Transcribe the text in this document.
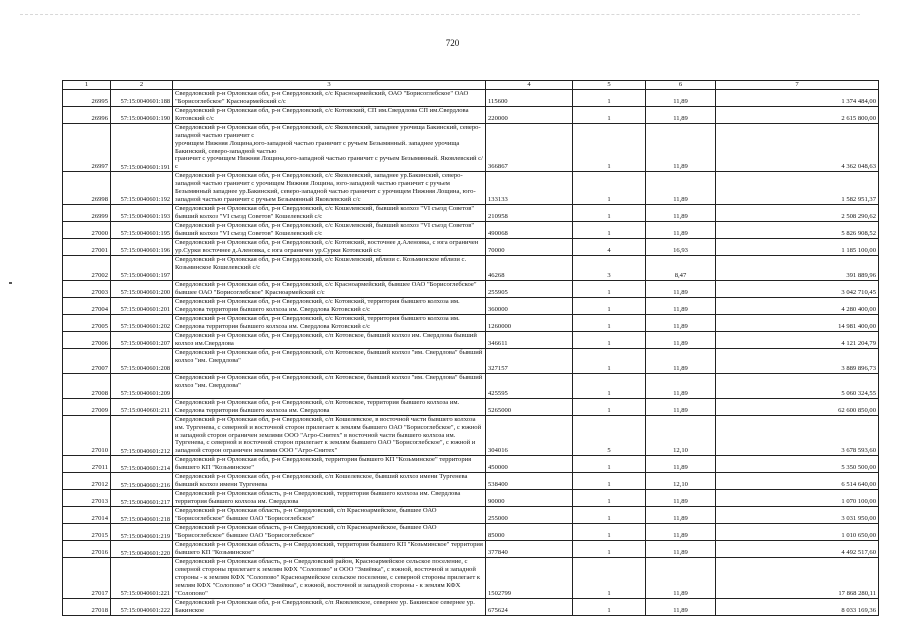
720
1	2	3	4	5	6	7
26995	57:15:0040601:188	Свердловский р-н Орловская обл, р-н Свердловский, с/с Красноармейский, ОАО "Борисоглебское" ОАО "Борисоглебское" Красноармейский с/с	115600	1	11,89	1 374 484,00
26996	57:15:0040601:190	Свердловский р-н Орловская обл, р-н Свердловский, с/с Котовский, СП им.Свердлова СП им.Свердлова Котовский с/с	220000	1	11,89	2 615 800,00
26997	57:15:0040601:191	Свердловский р-н Орловская обл, р-н Свердловский, с/с Яковлевский, западнее урочища Бакинский, северо-западной частью граничит с
урочищем Нижняя Лощина,юго-западной частью граничит с ручьем Безымянный. западнее урочища Бакинский, северо-западной частью
граничит с урочищем Нижняя Лощина,юго-западной частью граничит с ручьем Безымянный. Яковлевский с/с	366867	1	11,89	4 362 048,63
26998	57:15:0040601:192	Свердловский р-н Орловская обл, р-н Свердловский, с/с Яковлевский, западнее ур.Бакинский, северо-западной частью граничит с урочищем Нижняя Лощина, юго-западной частью граничит с ручьем Безымянный западнее ур.Бакинский, северо-западной частью граничит с урочищем Нижняя Лощина, юго-западной частью граничит с ручьем Безымянный Яковлевский с/с	133133	1	11,89	1 582 951,37
26999	57:15:0040601:193	Свердловский р-н Орловская обл, р-н Свердловский, с/с Кошелевский, бывший колхоз "VI съезд Советов" бывший колхоз "VI съезд Советов" Кошелевский с/с	210958	1	11,89	2 508 290,62
27000	57:15:0040601:195	Свердловский р-н Орловская обл, р-н Свердловский, с/с Кошелевский, бывший колхоз "VI съезд Советов" бывший колхоз "VI съезд Советов" Кошелевский с/с	490068	1	11,89	5 826 908,52
27001	57:15:0040601:196	Свердловский р-н Орловская обл, р-н Свердловский, с/с Котовский, восточнее д.Аленовка, с юга ограничен ур.Сурки восточнее д.Аленовка, с юга ограничен ур.Сурки Котовский с/с	70000	4	16,93	1 185 100,00
27002	57:15:0040601:197	Свердловский р-н Орловская обл, р-н Свердловский, с/с Кошелевский, вблизи с. Козьминское вблизи с. Козьминское Кошелевский с/с	46268	3	8,47	391 889,96
27003	57:15:0040601:200	Свердловский р-н Орловская обл, р-н Свердловский, с/с Красноармейский, бывшее ОАО "Борисоглебское" бывшее ОАО "Борисоглебское" Красноармейский с/с	255905	1	11,89	3 042 710,45
27004	57:15:0040601:201	Свердловский р-н Орловская обл, р-н Свердловский, с/с Котовский, территория бывшего колхоза им. Свердлова территория бывшего колхоза им. Свердлова Котовский с/с	360000	1	11,89	4 280 400,00
27005	57:15:0040601:202	Свердловский р-н Орловская обл, р-н Свердловский, с/с Котовский, территория бывшего колхоза им. Свердлова территория бывшего колхоза им. Свердлова Котовский с/с	1260000	1	11,89	14 981 400,00
27006	57:15:0040601:207	Свердловский р-н Орловская обл, р-н Свердловский, с/п Котовское, бывший колхоз им. Свердлова бывший колхоз им.Свердлова	346611	1	11,89	4 121 204,79
27007	57:15:0040601:208	Свердловский р-н Орловская обл, р-н Свердловский, с/п Котовское, бывший колхоз "им. Свердлова" бывший колхоз "им. Свердлова"	327157	1	11,89	3 889 896,73
27008	57:15:0040601:209	Свердловский р-н Орловская обл, р-н Свердловский, с/п Котовское, бывший колхоз "им. Свердлова" бывший колхоз "им. Свердлова"	425595	1	11,89	5 060 324,55
27009	57:15:0040601:211	Свердловский р-н Орловская обл, р-н Свердловский, с/п Котовское, территория бывшего колхоза им. Свердлова территория бывшего колхоза им. Свердлова	5265000	1	11,89	62 600 850,00
27010	57:15:0040601:212	Свердловский р-н Орловская обл, р-н Свердловский, с/п Кошелевское, в восточной части бывшего колхоза им. Тургенева, с северной и восточной сторон прилегает к землям бывшего ОАО "Борисоглебское", с южной и западной сторон ограничен землями ООО "Агро-Снитех" в восточной части бывшего колхоза им. Тургенева, с северной и восточной сторон прилегает к землям бывшего ОАО "Борисоглебское", с южной и западной сторон ограничен землями ООО "Агро-Снитех"	304016	5	12,10	3 678 593,60
27011	57:15:0040601:214	Свердловский р-н Орловская обл, р-н Свердловский, территория бывшего КП "Козьминское" территория бывшего КП "Козьминское"	450000	1	11,89	5 350 500,00
27012	57:15:0040601:216	Свердловский р-н Орловская обл, р-н Свердловский, с/п Кошелевское, бывший колхоз имени Тургенева бывший колхоз имени Тургенева	538400	1	12,10	6 514 640,00
27013	57:15:0040601:217	Свердловский р-н Орловская область, р-н Свердловский, территория бывшего колхоза им. Свердлова территория бывшего колхоза им. Свердлова	90000	1	11,89	1 070 100,00
27014	57:15:0040601:218	Свердловский р-н Орловская область, р-н Свердловский, с/п Красноармейское, бывшее ОАО "Борисоглебское" бывшее ОАО "Борисоглебское"	255000	1	11,89	3 031 950,00
27015	57:15:0040601:219	Свердловский р-н Орловская область, р-н Свердловский, с/п Красноармейское, бывшее ОАО "Борисоглебское" бывшее ОАО "Борисоглебское"	85000	1	11,89	1 010 650,00
27016	57:15:0040601:220	Свердловский р-н Орловская область, р-н Свердловский, территория бывшего КП "Козьминское" территория бывшего КП "Козьминское"	377840	1	11,89	4 492 517,60
27017	57:15:0040601:221	Свердловский р-н Орловская область, р-н Свердловский район, Красноармейское сельское поселение, с северной стороны прилегает к землям КФХ "Солопово" и ООО "Змиёвка", с южной, восточной и западной стороны - к землям КФХ "Солопово" Красноармейское сельское поселение, с северной стороны прилегает к землям КФХ "Солопово" и ООО "Змиёвка", с южной, восточной и западной стороны - к землям КФХ "Солопово"	1502799	1	11,89	17 868 280,11
27018	57:15:0040601:222	Свердловский р-н Орловская обл, р-н Свердловский, с/п Яковлевское, севернее ур. Бакинское севернее ур. Бакинское	675624	1	11,89	8 033 169,36
